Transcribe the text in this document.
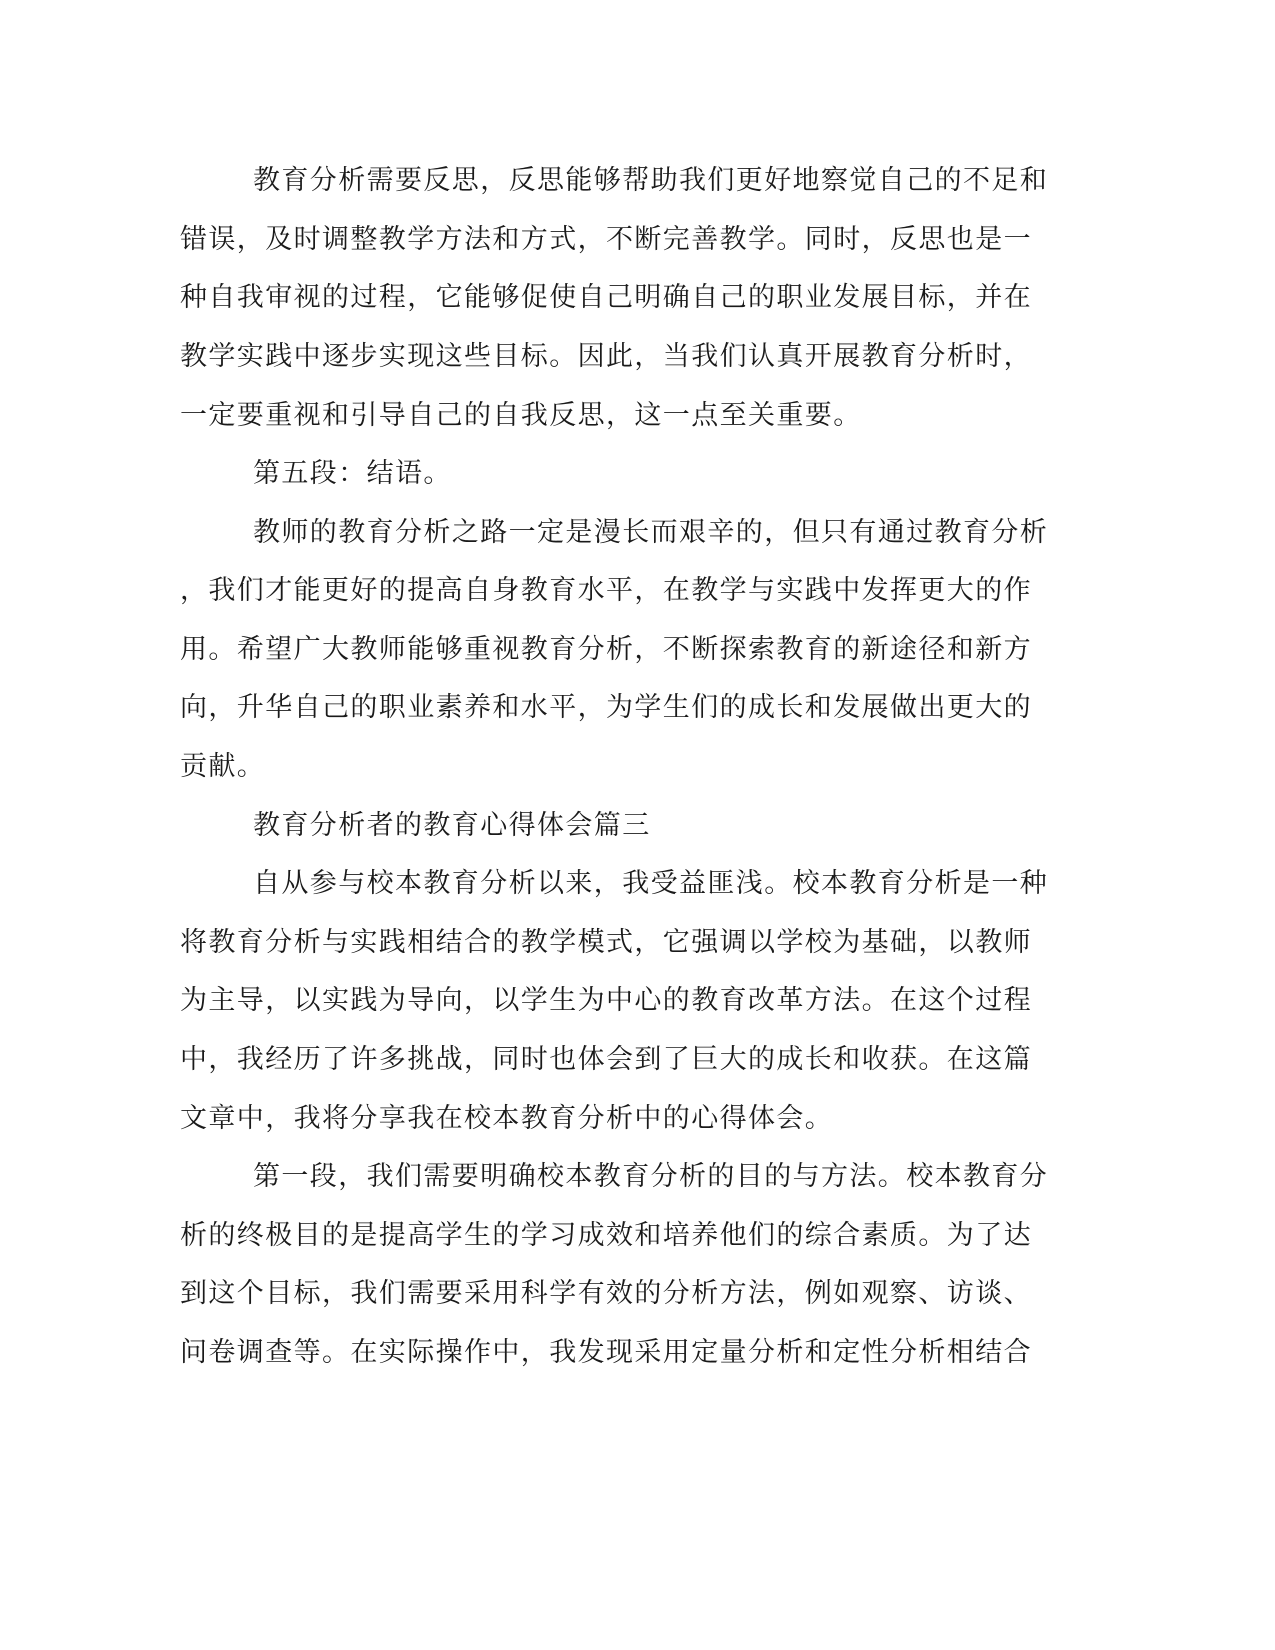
教育分析需要反思，反思能够帮助我们更好地察觉自己的不足和
错误，及时调整教学方法和方式，不断完善教学。同时，反思也是一
种自我审视的过程，它能够促使自己明确自己的职业发展目标，并在
教学实践中逐步实现这些目标。因此，当我们认真开展教育分析时，
一定要重视和引导自己的自我反思，这一点至关重要。
第五段：结语。
教师的教育分析之路一定是漫长而艰辛的，但只有通过教育分析
，我们才能更好的提高自身教育水平，在教学与实践中发挥更大的作
用。希望广大教师能够重视教育分析，不断探索教育的新途径和新方
向，升华自己的职业素养和水平，为学生们的成长和发展做出更大的
贡献。
教育分析者的教育心得体会篇三
自从参与校本教育分析以来，我受益匪浅。校本教育分析是一种
将教育分析与实践相结合的教学模式，它强调以学校为基础，以教师
为主导，以实践为导向，以学生为中心的教育改革方法。在这个过程
中，我经历了许多挑战，同时也体会到了巨大的成长和收获。在这篇
文章中，我将分享我在校本教育分析中的心得体会。
第一段，我们需要明确校本教育分析的目的与方法。校本教育分
析的终极目的是提高学生的学习成效和培养他们的综合素质。为了达
到这个目标，我们需要采用科学有效的分析方法，例如观察、访谈、
问卷调查等。在实际操作中，我发现采用定量分析和定性分析相结合
